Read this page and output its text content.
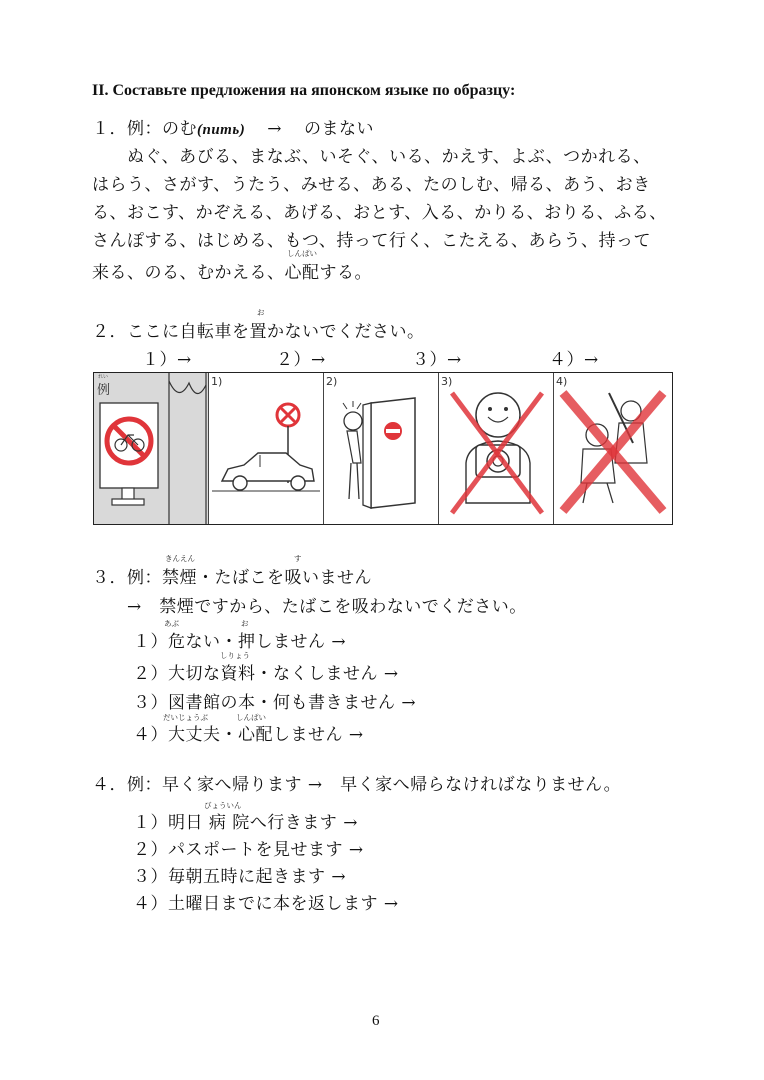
II. Составьте предложения на японском языке по образцу:
１．例：のむ(пить) → のまない
ぬぐ、あびる、まなぶ、いそぐ、いる、かえす、よぶ、つかれる、
はらう、さがす、うたう、みせる、ある、たのしむ、帰る、あう、おき
る、おこす、かぞえる、あげる、おとす、入る、かりる、おりる、ふる、
さんぽする、はじめる、もつ、持って行く、こたえる、あらう、持って
しんぱい
来る、のる、むかえる、心配する。
お
２．ここに自転車を置かないでください。
１）→	２）→	３）→	４）→
れい
例
1)	2)	3)	4)
きんえん	す
３．例：禁煙・たばこを吸いません
→　禁煙ですから、たばこを吸わないでください。
あぶ	お
１）危ない・押しません →
しりょう
２）大切な資料・なくしません →
３）図書館の本・何も書きません →
だいじょうぶ	しんぱい
４）大丈夫・心配しません →
４．例：早く家へ帰ります →　早く家へ帰らなければなりません。
びょういん
１）明日 病 院へ行きます →
２）パスポートを見せます →
３）毎朝五時に起きます →
４）土曜日までに本を返します →
6
